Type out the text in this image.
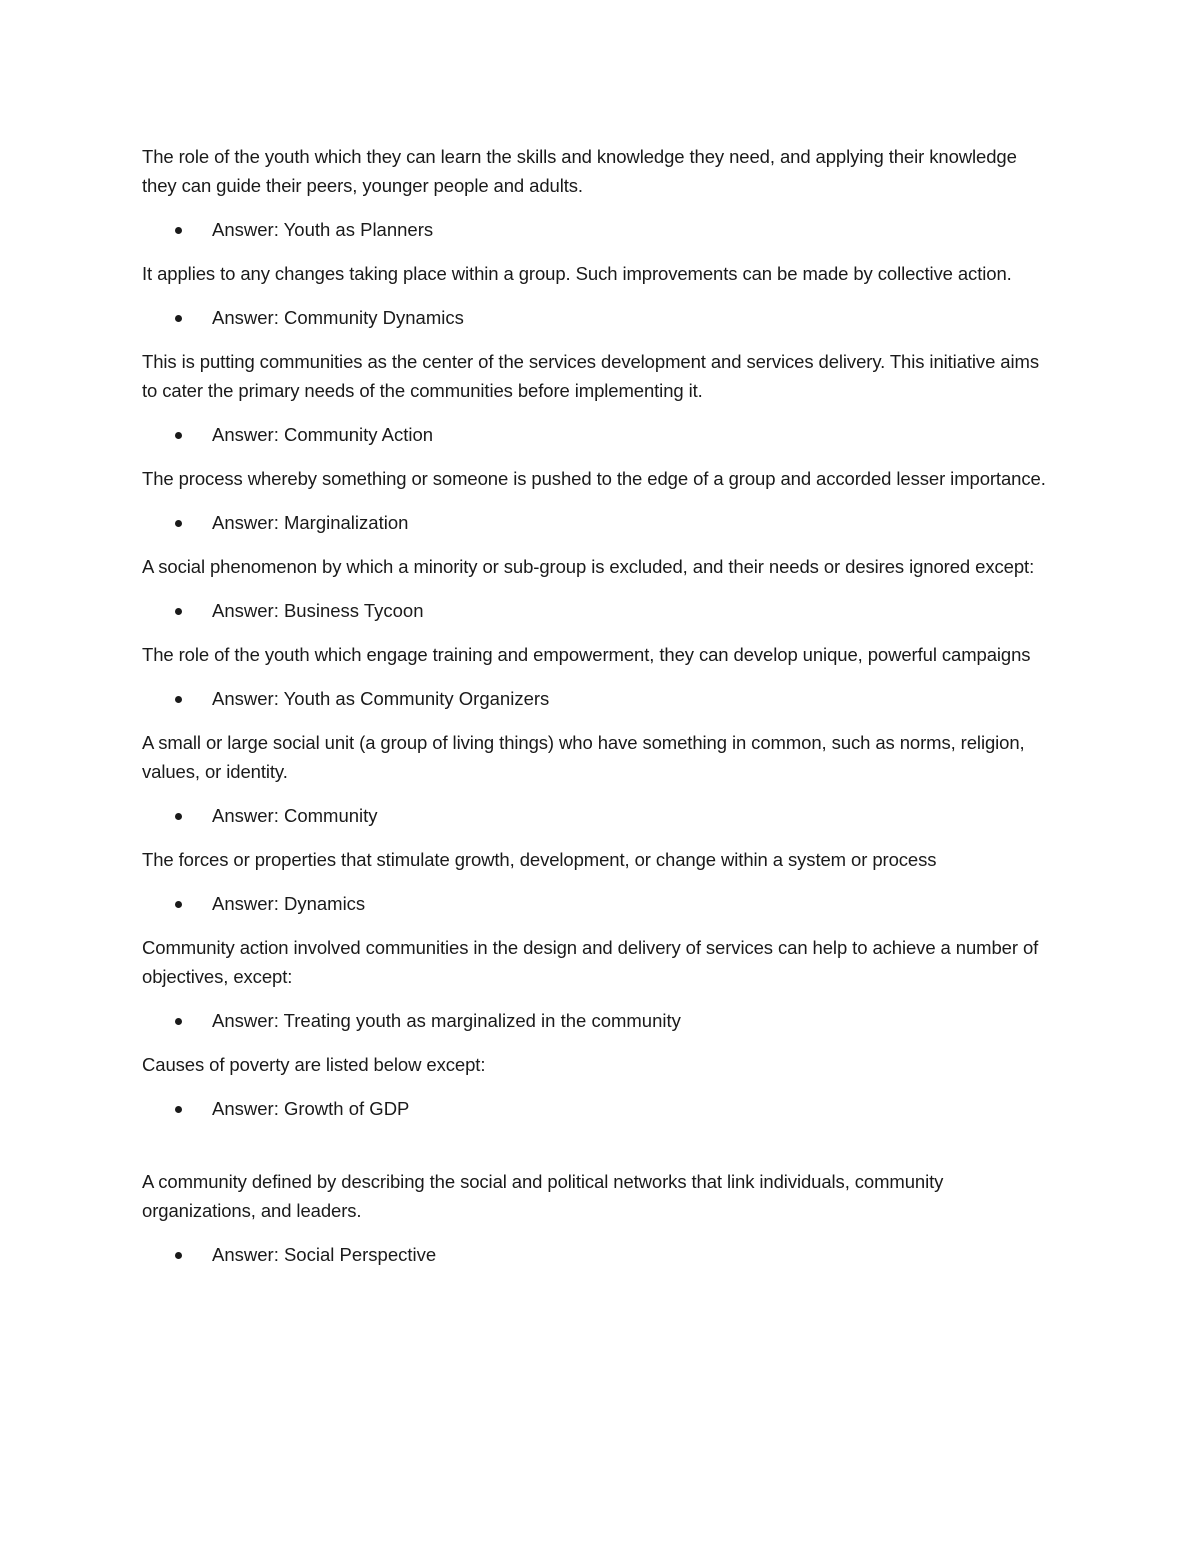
The role of the youth which they can learn the skills and knowledge they need, and applying their knowledge they can guide their peers, younger people and adults.

Answer: Youth as Planners

It applies to any changes taking place within a group. Such improvements can be made by collective action.

Answer: Community Dynamics

This is putting communities as the center of the services development and services delivery. This initiative aims to cater the primary needs of the communities before implementing it.

Answer: Community Action

The process whereby something or someone is pushed to the edge of a group and accorded lesser importance.

Answer: Marginalization

A social phenomenon by which a minority or sub-group is excluded, and their needs or desires ignored except:

Answer: Business Tycoon

The role of the youth which engage training and empowerment, they can develop unique, powerful campaigns

Answer: Youth as Community Organizers

A small or large social unit (a group of living things) who have something in common, such as norms, religion, values, or identity.

Answer: Community

The forces or properties that stimulate growth, development, or change within a system or process

Answer: Dynamics

Community action involved communities in the design and delivery of services can help to achieve a number of objectives, except:

Answer: Treating youth as marginalized in the community

Causes of poverty are listed below except:

Answer: Growth of GDP

A community defined by describing the social and political networks that link individuals, community organizations, and leaders.

Answer: Social Perspective
